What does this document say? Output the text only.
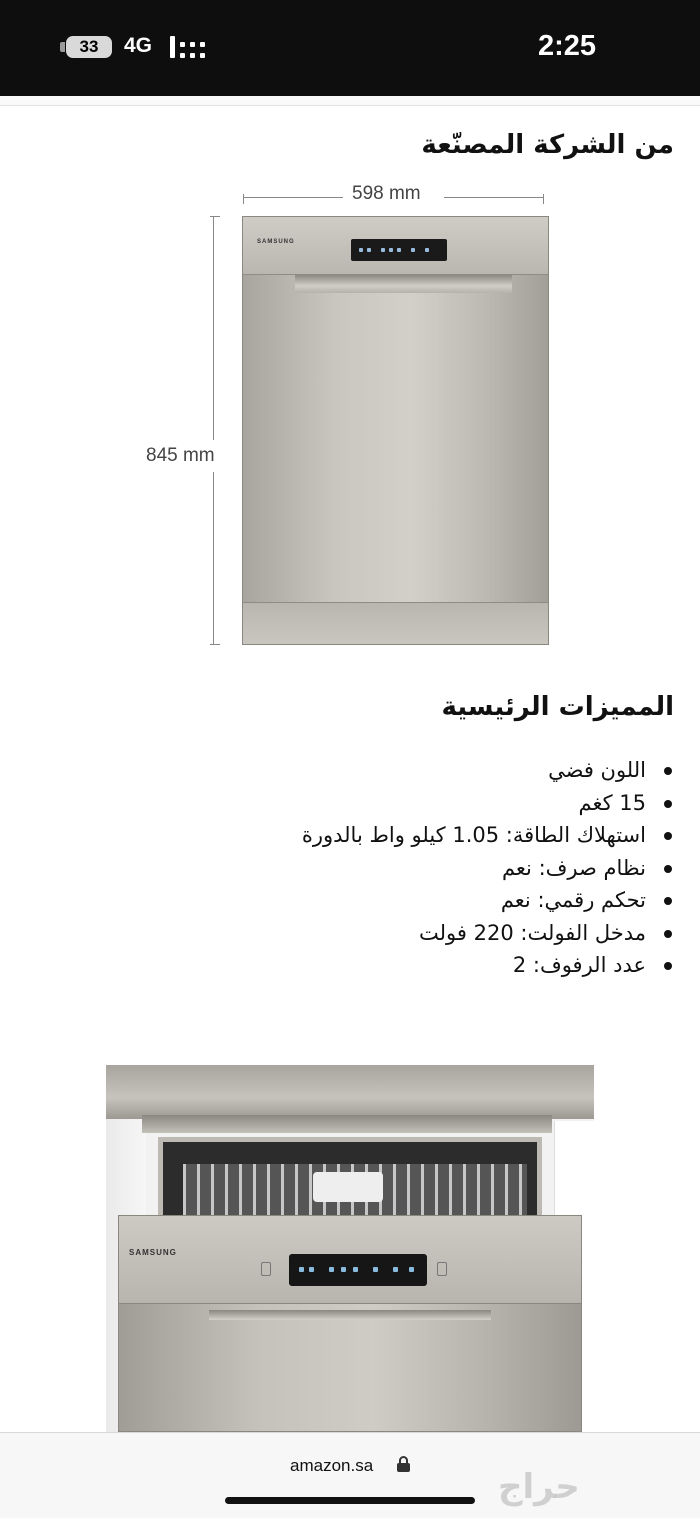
33	4G	2:25
من الشركة المصنّعة
598 mm
845 mm
SAMSUNG
المميزات الرئيسية
اللون فضي
15 كغم
استهلاك الطاقة: 1.05 كيلو واط بالدورة
نظام صرف: نعم
تحكم رقمي: نعم
مدخل الفولت: 220 فولت
عدد الرفوف: 2
SAMSUNG
amazon.sa
حراج
